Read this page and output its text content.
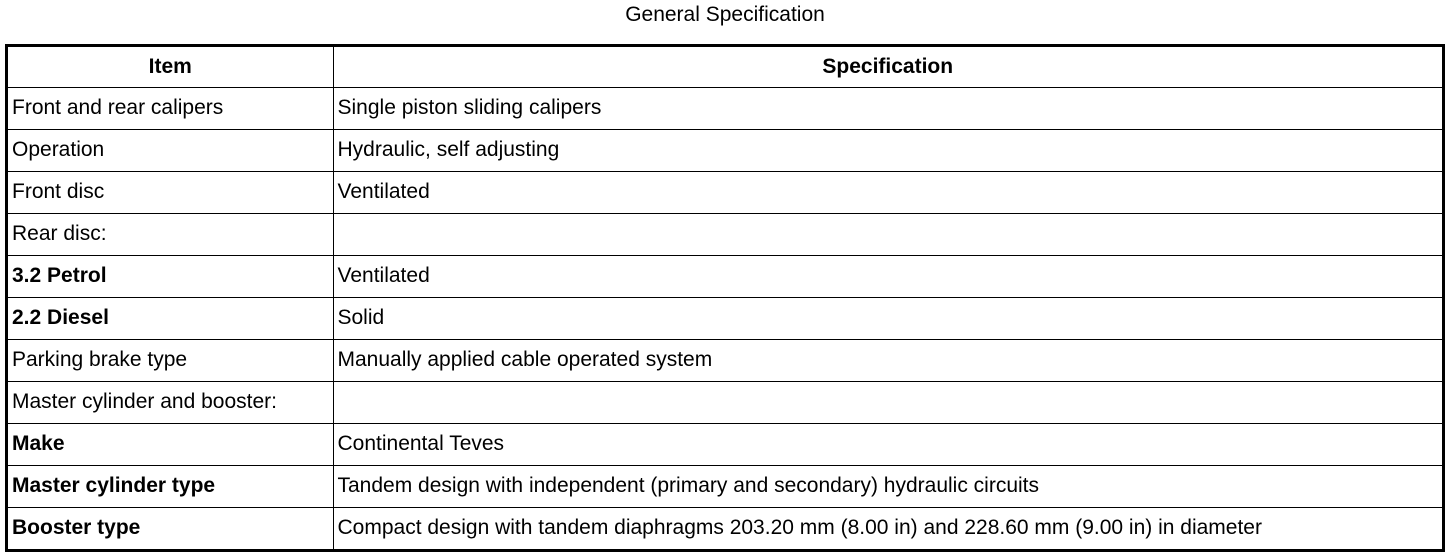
General Specification
Item	Specification
Front and rear calipers	Single piston sliding calipers
Operation	Hydraulic, self adjusting
Front disc	Ventilated
Rear disc:	
3.2 Petrol	Ventilated
2.2 Diesel	Solid
Parking brake type	Manually applied cable operated system
Master cylinder and booster:	
Make	Continental Teves
Master cylinder type	Tandem design with independent (primary and secondary) hydraulic circuits
Booster type	Compact design with tandem diaphragms 203.20 mm (8.00 in) and 228.60 mm (9.00 in) in diameter
